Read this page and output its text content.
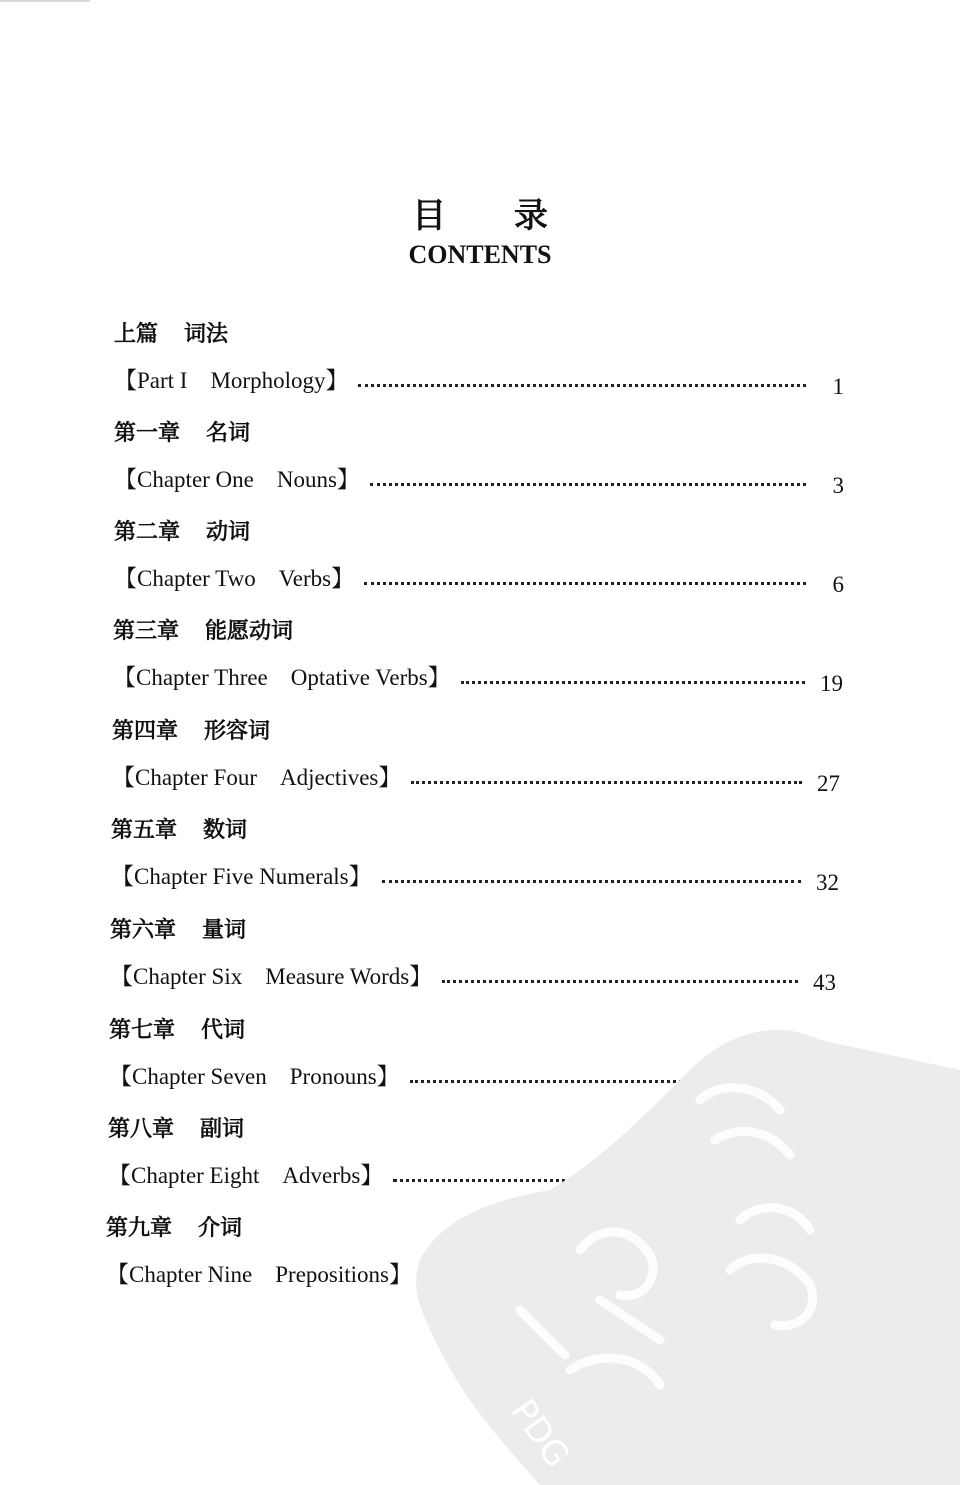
目 录
CONTENTS
上篇 词法
【Part I　Morphology】	1
第一章 名词
【Chapter One　Nouns】	3
第二章 动词
【Chapter Two　Verbs】	6
第三章 能愿动词
【Chapter Three　Optative Verbs】	19
第四章 形容词
【Chapter Four　Adjectives】	27
第五章 数词
【Chapter Five Numerals】	32
第六章 量词
【Chapter Six　Measure Words】	43
第七章 代词
【Chapter Seven　Pronouns】
第八章 副词
【Chapter Eight　Adverbs】
第九章 介词
【Chapter Nine　Prepositions】
PDG
